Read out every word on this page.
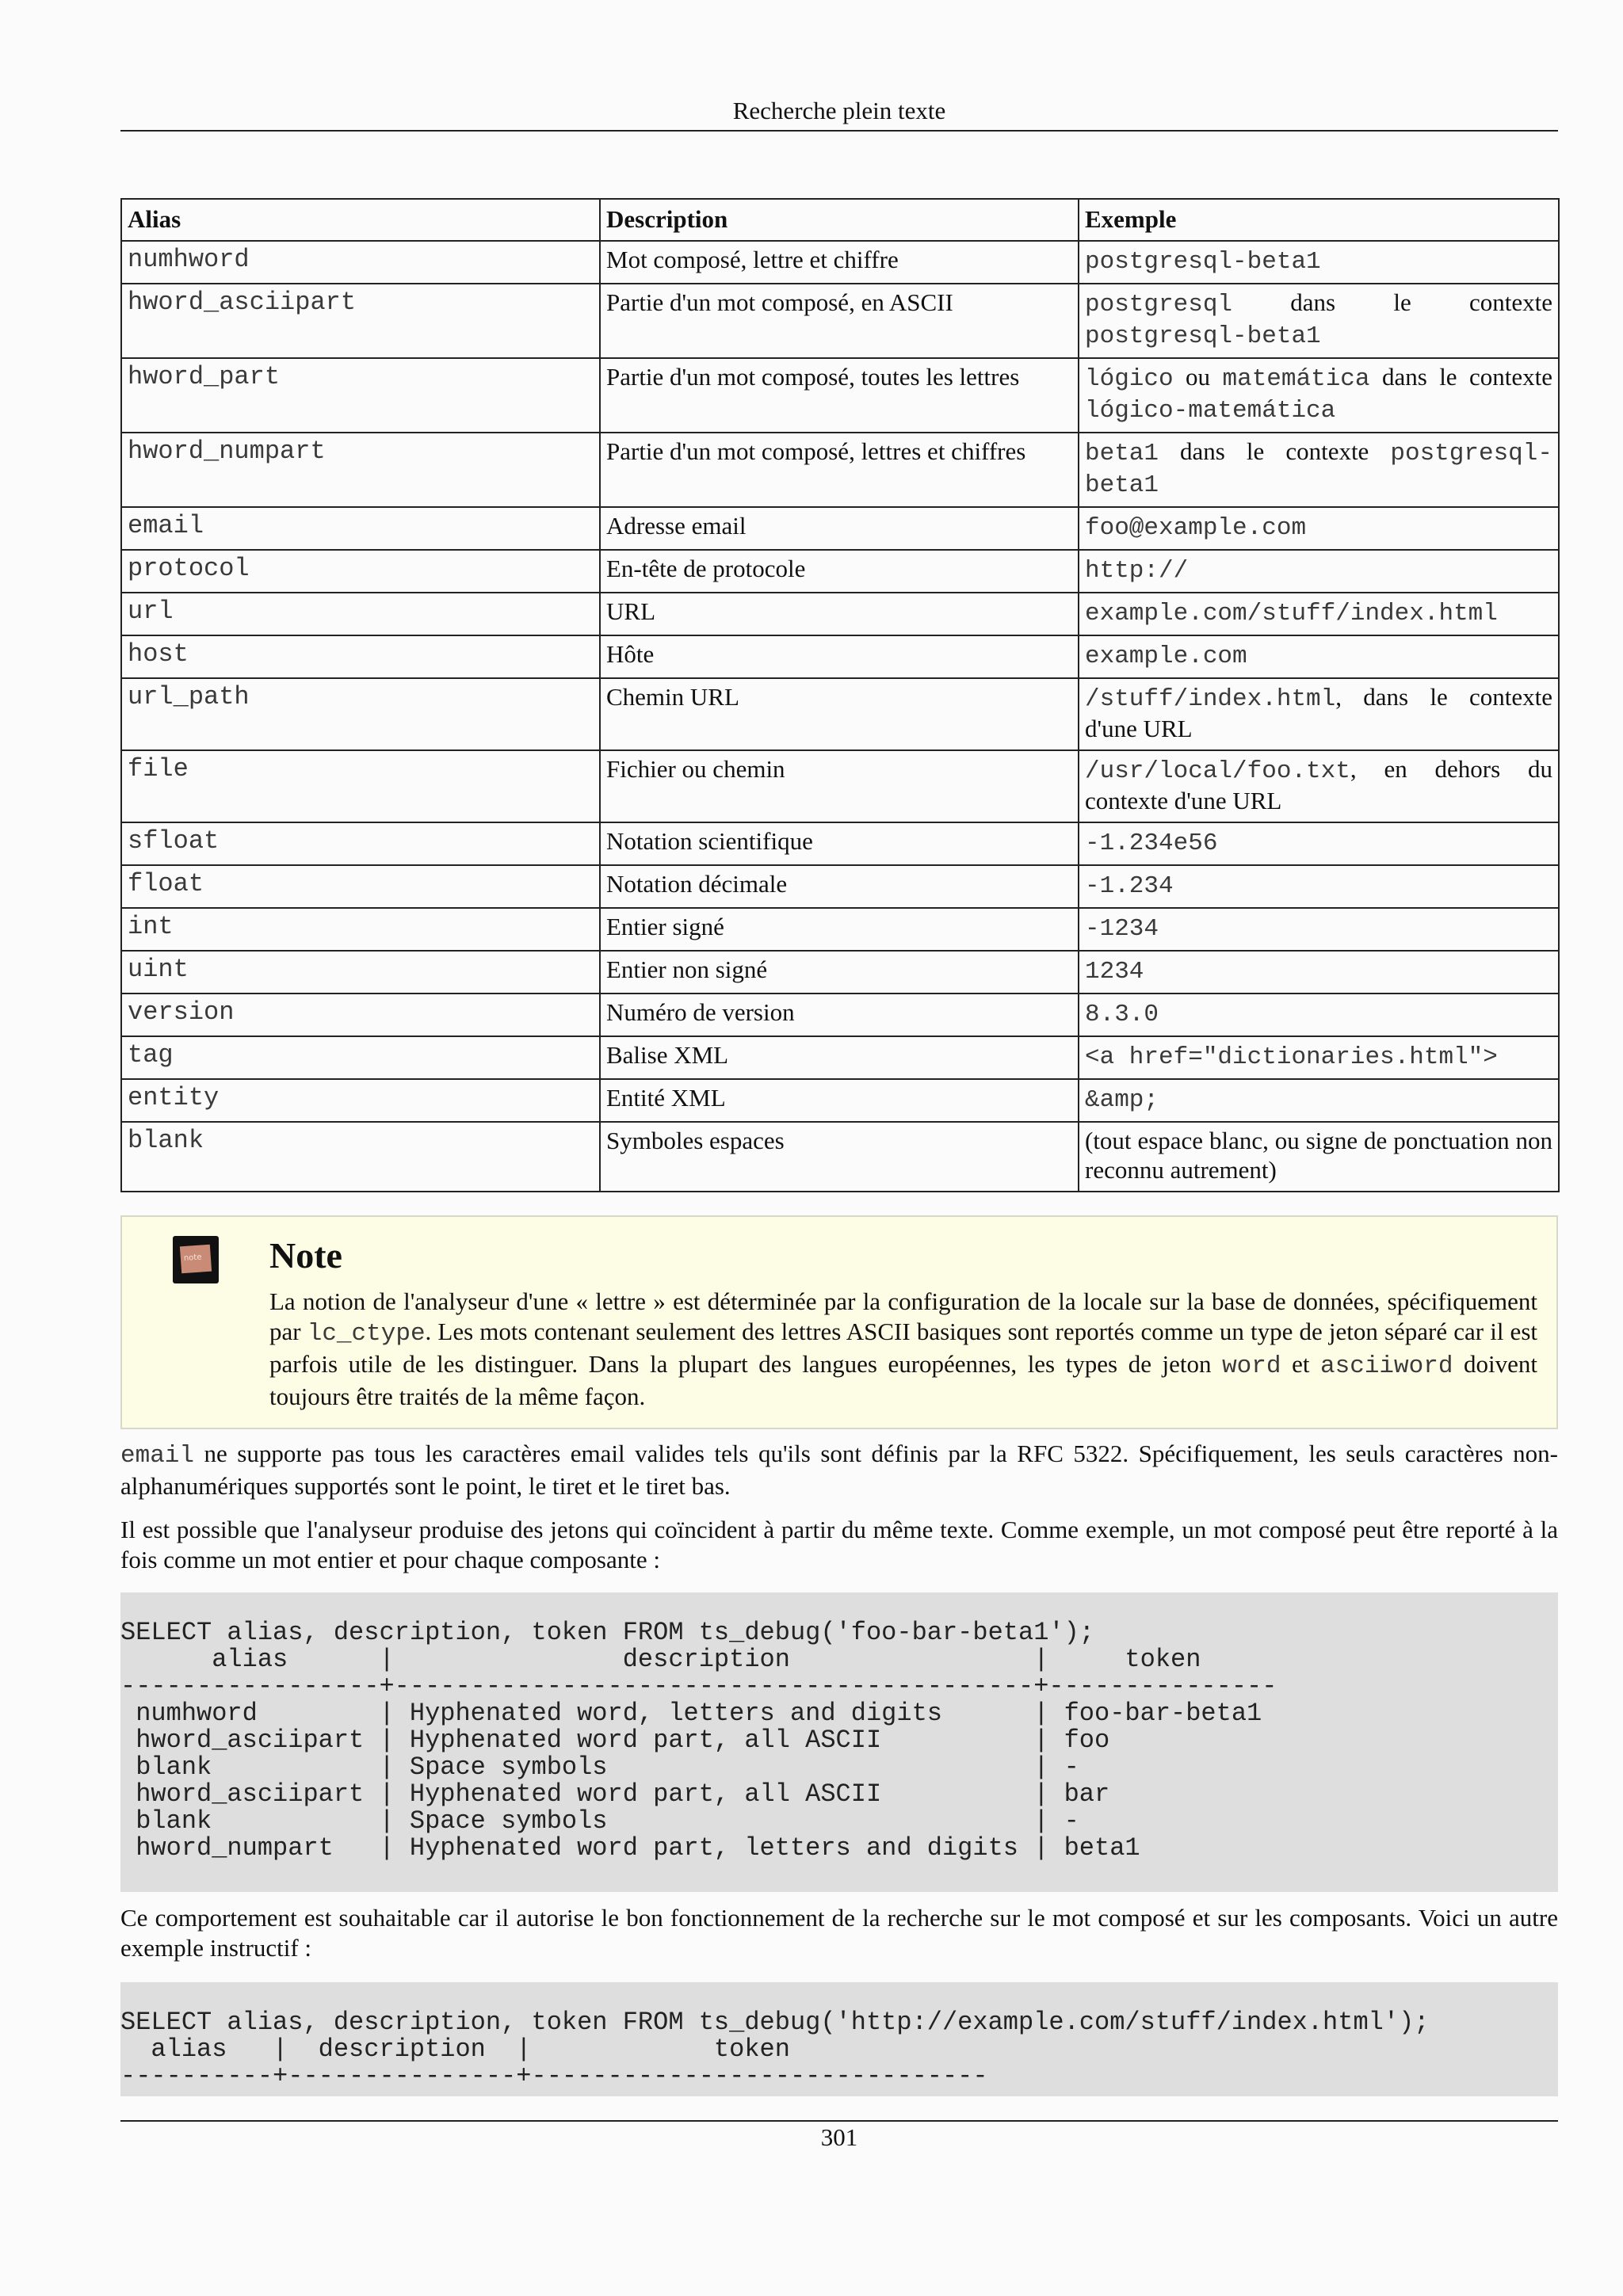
Recherche plein texte
Alias	Description	Exemple
numhword	Mot composé, lettre et chiffre	postgresql-beta1
hword_asciipart	Partie d'un mot composé, en ASCII	postgresql dans le contexte postgresql-beta1
hword_part	Partie d'un mot composé, toutes les lettres	lógico ou matemática dans le contexte lógico-matemática
hword_numpart	Partie d'un mot composé, lettres et chiffres	beta1 dans le contexte postgresql-beta1
email	Adresse email	foo@example.com
protocol	En-tête de protocole	http://
url	URL	example.com/stuff/index.html
host	Hôte	example.com
url_path	Chemin URL	/stuff/index.html, dans le contexte d'une URL
file	Fichier ou chemin	/usr/local/foo.txt, en dehors du contexte d'une URL
sfloat	Notation scientifique	-1.234e56
float	Notation décimale	-1.234
int	Entier signé	-1234
uint	Entier non signé	1234
version	Numéro de version	8.3.0
tag	Balise XML	<a href="dictionaries.html">
entity	Entité XML	&amp;
blank	Symboles espaces	(tout espace blanc, ou signe de ponctuation non reconnu autrement)
note Note
La notion de l'analyseur d'une « lettre » est déterminée par la configuration de la locale sur la base de données, spécifiquement par lc_ctype. Les mots contenant seulement des lettres ASCII basiques sont reportés comme un type de jeton séparé car il est parfois utile de les distinguer. Dans la plupart des langues européennes, les types de jeton word et asciiword doivent toujours être traités de la même façon.
email ne supporte pas tous les caractères email valides tels qu'ils sont définis par la RFC 5322. Spécifiquement, les seuls caractères non-alphanumériques supportés sont le point, le tiret et le tiret bas.
Il est possible que l'analyseur produise des jetons qui coïncident à partir du même texte. Comme exemple, un mot composé peut être reporté à la fois comme un mot entier et pour chaque composante :

SELECT alias, description, token FROM ts_debug('foo-bar-beta1');
alias      |               description                |     token
-----------------+------------------------------------------+---------------
numhword        | Hyphenated word, letters and digits      | foo-bar-beta1
hword_asciipart | Hyphenated word part, all ASCII          | foo
blank           | Space symbols                            | -
hword_asciipart | Hyphenated word part, all ASCII          | bar
blank           | Space symbols                            | -
hword_numpart   | Hyphenated word part, letters and digits | beta1
Ce comportement est souhaitable car il autorise le bon fonctionnement de la recherche sur le mot composé et sur les composants. Voici un autre exemple instructif :

SELECT alias, description, token FROM ts_debug('http://example.com/stuff/index.html');
alias   |  description  |            token
----------+---------------+------------------------------
301
